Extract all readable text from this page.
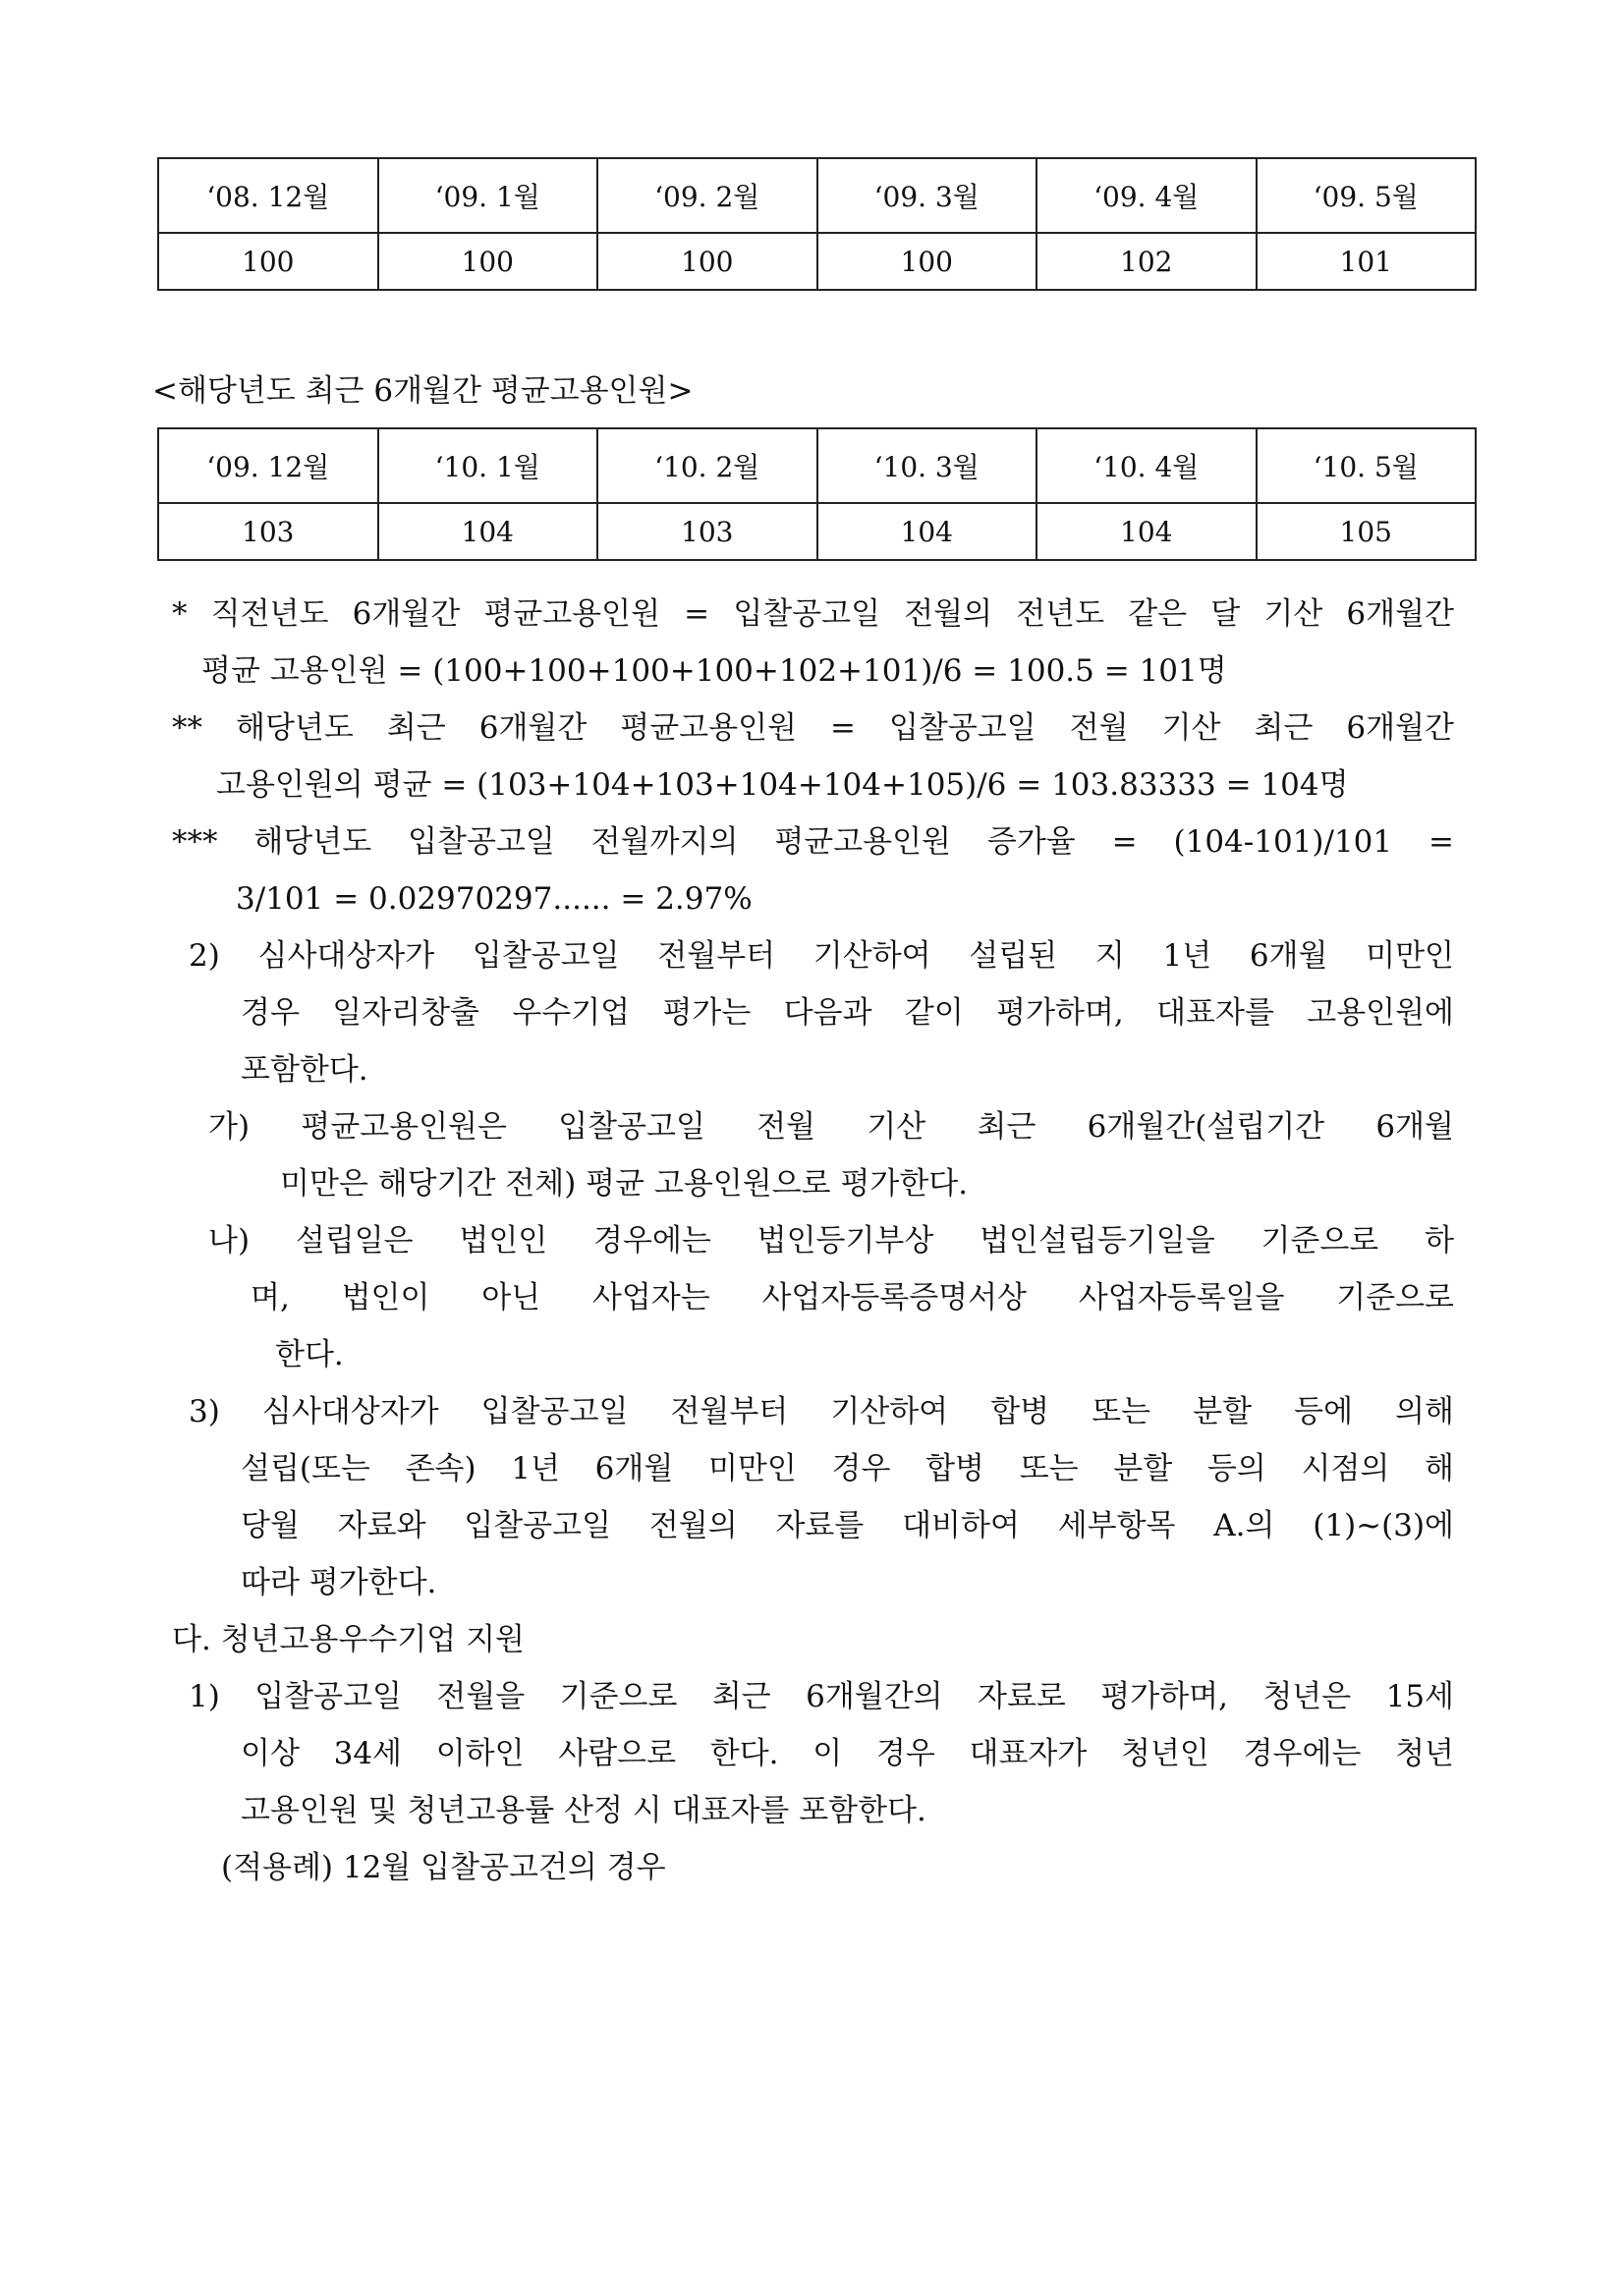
‘08. 12월	‘09. 1월	‘09. 2월	‘09. 3월	‘09. 4월	‘09. 5월
100	100	100	100	102	101
<해당년도 최근 6개월간 평균고용인원>
‘09. 12월	‘10. 1월	‘10. 2월	‘10. 3월	‘10. 4월	‘10. 5월
103	104	103	104	104	105
* 직전년도 6개월간 평균고용인원 = 입찰공고일 전월의 전년도 같은 달 기산 6개월간
평균 고용인원 = (100+100+100+100+102+101)/6 = 100.5 = 101명
** 해당년도 최근 6개월간 평균고용인원 = 입찰공고일 전월 기산 최근 6개월간
고용인원의 평균 = (103+104+103+104+104+105)/6 = 103.83333 = 104명
*** 해당년도 입찰공고일 전월까지의 평균고용인원 증가율 = (104-101)/101 =
3/101 = 0.02970297...... = 2.97%
2) 심사대상자가 입찰공고일 전월부터 기산하여 설립된 지 1년 6개월 미만인
경우 일자리창출 우수기업 평가는 다음과 같이 평가하며, 대표자를 고용인원에
포함한다.
가) 평균고용인원은 입찰공고일 전월 기산 최근 6개월간(설립기간 6개월
미만은 해당기간 전체) 평균 고용인원으로 평가한다.
나) 설립일은 법인인 경우에는 법인등기부상 법인설립등기일을 기준으로 하
며, 법인이 아닌 사업자는 사업자등록증명서상 사업자등록일을 기준으로
한다.
3) 심사대상자가 입찰공고일 전월부터 기산하여 합병 또는 분할 등에 의해
설립(또는 존속) 1년 6개월 미만인 경우 합병 또는 분할 등의 시점의 해
당월 자료와 입찰공고일 전월의 자료를 대비하여 세부항목 A.의 (1)~(3)에
따라 평가한다.
다. 청년고용우수기업 지원
1) 입찰공고일 전월을 기준으로 최근 6개월간의 자료로 평가하며, 청년은 15세
이상 34세 이하인 사람으로 한다. 이 경우 대표자가 청년인 경우에는 청년
고용인원 및 청년고용률 산정 시 대표자를 포함한다.
(적용례) 12월 입찰공고건의 경우
